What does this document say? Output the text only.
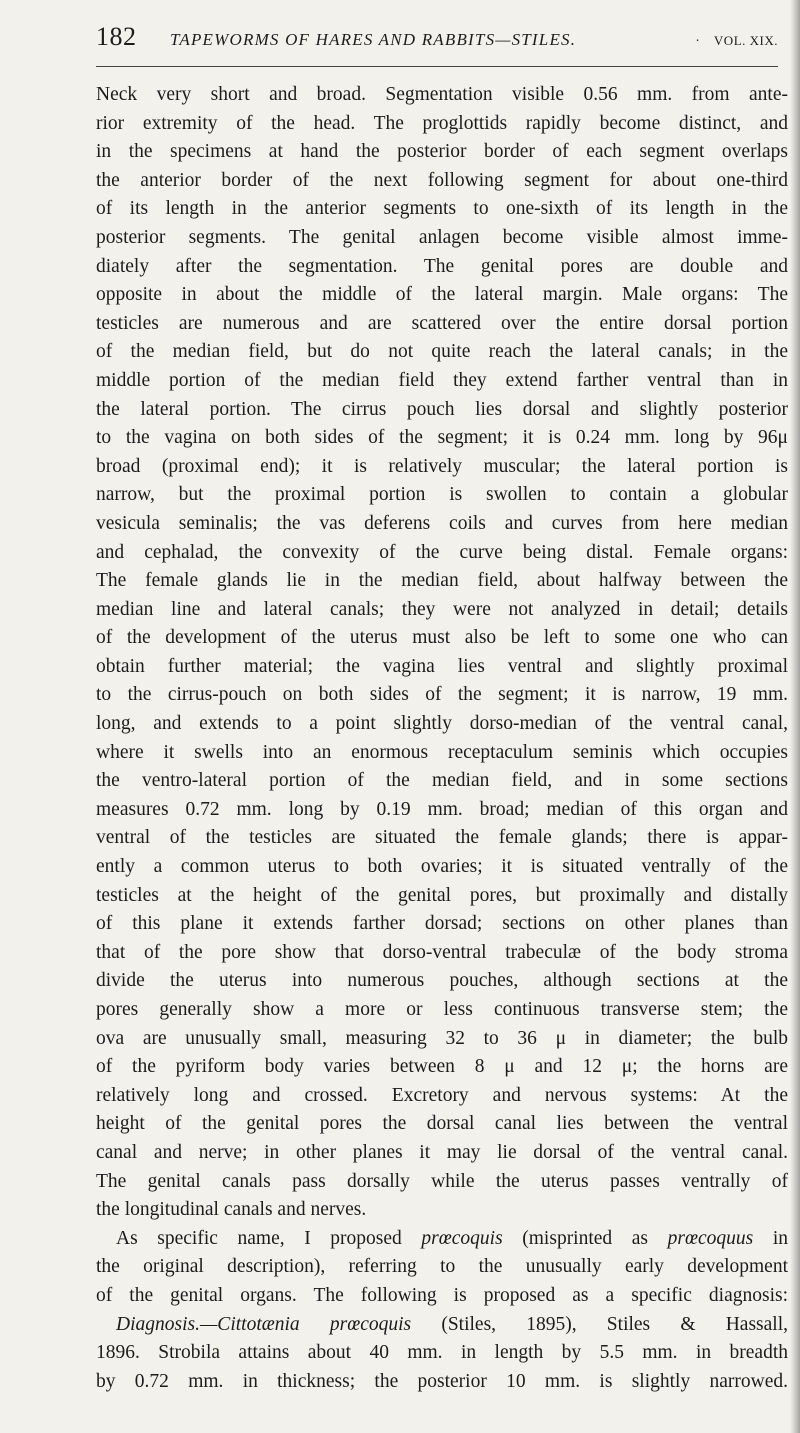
182	TAPEWORMS OF HARES AND RABBITS—STILES.	· VOL. XIX.
Neck very short and broad. Segmentation visible 0.56 mm. from ante-
rior extremity of the head. The proglottids rapidly become distinct, and
in the specimens at hand the posterior border of each segment overlaps
the anterior border of the next following segment for about one-third
of its length in the anterior segments to one-sixth of its length in the
posterior segments. The genital anlagen become visible almost imme-
diately after the segmentation. The genital pores are double and
opposite in about the middle of the lateral margin. Male organs: The
testicles are numerous and are scattered over the entire dorsal portion
of the median field, but do not quite reach the lateral canals; in the
middle portion of the median field they extend farther ventral than in
the lateral portion. The cirrus pouch lies dorsal and slightly posterior
to the vagina on both sides of the segment; it is 0.24 mm. long by 96μ
broad (proximal end); it is relatively muscular; the lateral portion is
narrow, but the proximal portion is swollen to contain a globular
vesicula seminalis; the vas deferens coils and curves from here median
and cephalad, the convexity of the curve being distal. Female organs:
The female glands lie in the median field, about halfway between the
median line and lateral canals; they were not analyzed in detail; details
of the development of the uterus must also be left to some one who can
obtain further material; the vagina lies ventral and slightly proximal
to the cirrus-pouch on both sides of the segment; it is narrow, 19 mm.
long, and extends to a point slightly dorso-median of the ventral canal,
where it swells into an enormous receptaculum seminis which occupies
the ventro-lateral portion of the median field, and in some sections
measures 0.72 mm. long by 0.19 mm. broad; median of this organ and
ventral of the testicles are situated the female glands; there is appar-
ently a common uterus to both ovaries; it is situated ventrally of the
testicles at the height of the genital pores, but proximally and distally
of this plane it extends farther dorsad; sections on other planes than
that of the pore show that dorso-ventral trabeculæ of the body stroma
divide the uterus into numerous pouches, although sections at the
pores generally show a more or less continuous transverse stem; the
ova are unusually small, measuring 32 to 36 μ in diameter; the bulb
of the pyriform body varies between 8 μ and 12 μ; the horns are
relatively long and crossed. Excretory and nervous systems: At the
height of the genital pores the dorsal canal lies between the ventral
canal and nerve; in other planes it may lie dorsal of the ventral canal.
The genital canals pass dorsally while the uterus passes ventrally of
the longitudinal canals and nerves.
As specific name, I proposed prœcoquis (misprinted as prœcoquus in
the original description), referring to the unusually early development
of the genital organs. The following is proposed as a specific diagnosis:
Diagnosis.—Cittotænia prœcoquis (Stiles, 1895), Stiles & Hassall,
1896. Strobila attains about 40 mm. in length by 5.5 mm. in breadth
by 0.72 mm. in thickness; the posterior 10 mm. is slightly narrowed.
